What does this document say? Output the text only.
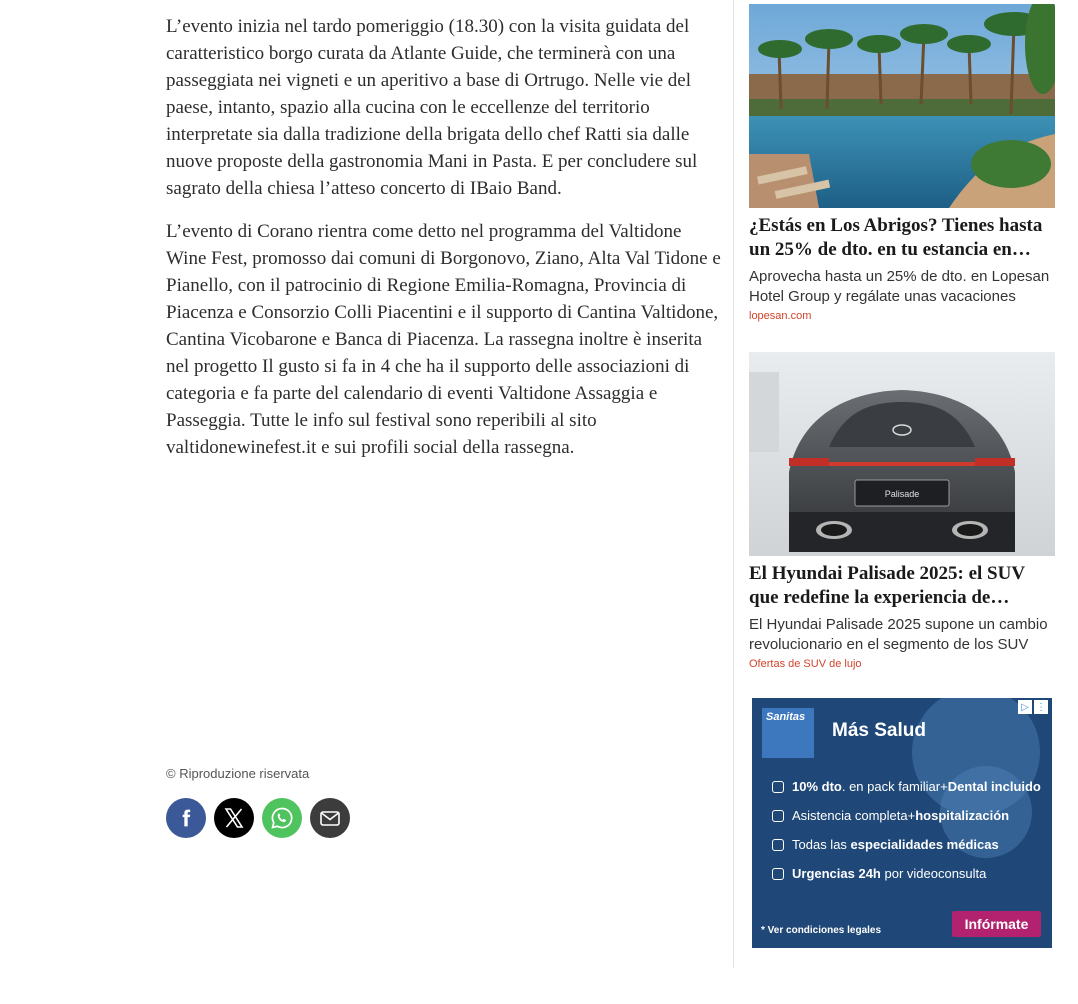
L’evento inizia nel tardo pomeriggio (18.30) con la visita guidata del caratteristico borgo curata da Atlante Guide, che terminerà con una passeggiata nei vigneti e un aperitivo a base di Ortrugo. Nelle vie del paese, intanto, spazio alla cucina con le eccellenze del territorio interpretate sia dalla tradizione della brigata dello chef Ratti sia dalle nuove proposte della gastronomia Mani in Pasta. E per concludere sul sagrato della chiesa l’atteso concerto di IBaio Band.

L’evento di Corano rientra come detto nel programma del Valtidone Wine Fest, promosso dai comuni di Borgonovo, Ziano, Alta Val Tidone e Pianello, con il patrocinio di Regione Emilia-Romagna, Provincia di Piacenza e Consorzio Colli Piacentini e il supporto di Cantina Valtidone, Cantina Vicobarone e Banca di Piacenza. La rassegna inoltre è inserita nel progetto Il gusto si fa in 4 che ha il supporto delle associazioni di categoria e fa parte del calendario di eventi Valtidone Assaggia e Passeggia. Tutte le info sul festival sono reperibili al sito valtidonewinefest.it e sui profili social della rassegna.

© Riproduzione riservata
¿Estás en Los Abrigos? Tienes hasta un 25% de dto. en tu estancia en
Aprovecha hasta un 25% de dto. en Lopesan Hotel Group y regálate unas vacaciones
lopesan.com
Palisade
El Hyundai Palisade 2025: el SUV que redefine la experiencia de
El Hyundai Palisade 2025 supone un cambio revolucionario en el segmento de los SUV
Ofertas de SUV de lujo
▷ ⋮
Sanitas
Más Salud
10% dto. en pack familiar+Dental incluido
Asistencia completa+hospitalización
Todas las especialidades médicas
Urgencias 24h por videoconsulta
* Ver condiciones legales	Infórmate
